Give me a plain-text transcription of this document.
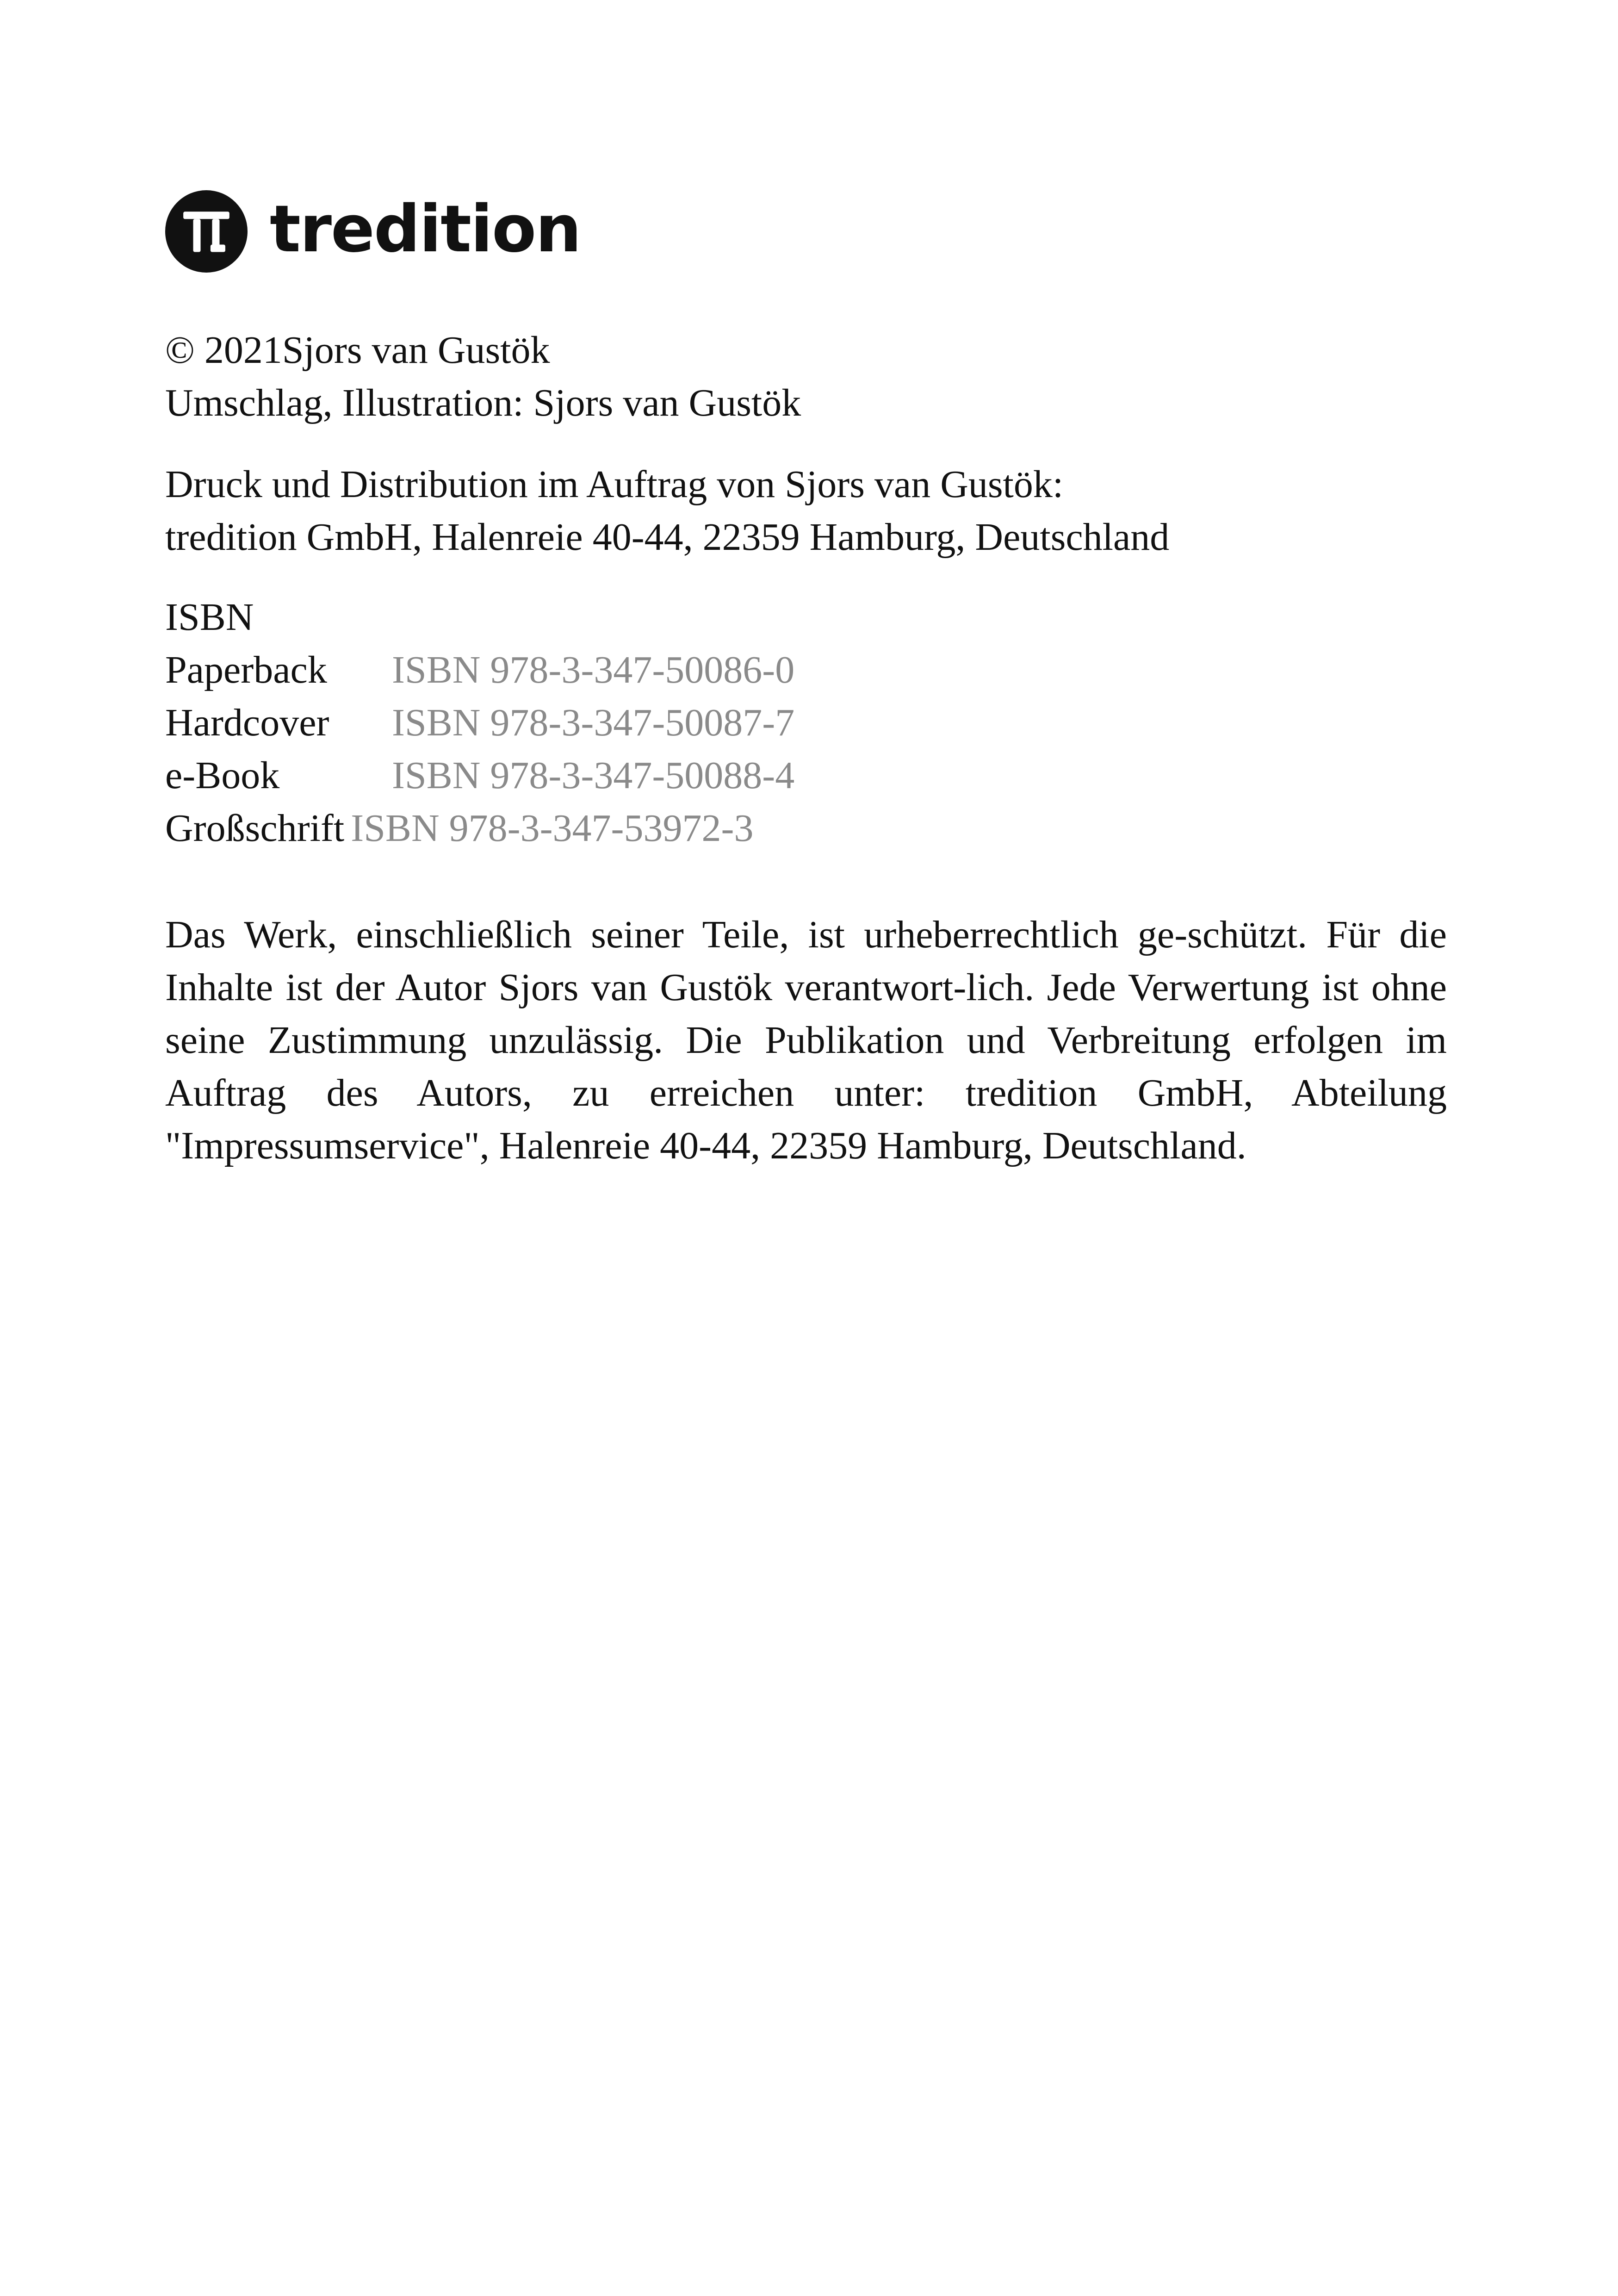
tredition
© 2021Sjors van Gustök
Umschlag, Illustration: Sjors van Gustök
Druck und Distribution im Auftrag von Sjors van Gustök:
tredition GmbH, Halenreie 40-44, 22359 Hamburg, Deutschland
ISBN
Paperback	ISBN 978-3-347-50086-0
Hardcover	ISBN 978-3-347-50087-7
e-Book	ISBN 978-3-347-50088-4
Großschrift ISBN 978-3-347-53972-3
Das Werk, einschließlich seiner Teile, ist urheberrechtlich ge-schützt. Für die Inhalte ist der Autor Sjors van Gustök verantwort-lich. Jede Verwertung ist ohne seine Zustimmung unzulässig. Die Publikation und Verbreitung erfolgen im Auftrag des Autors, zu erreichen unter: tredition GmbH, Abteilung "Impressumservice", Halenreie 40-44, 22359 Hamburg, Deutschland.
